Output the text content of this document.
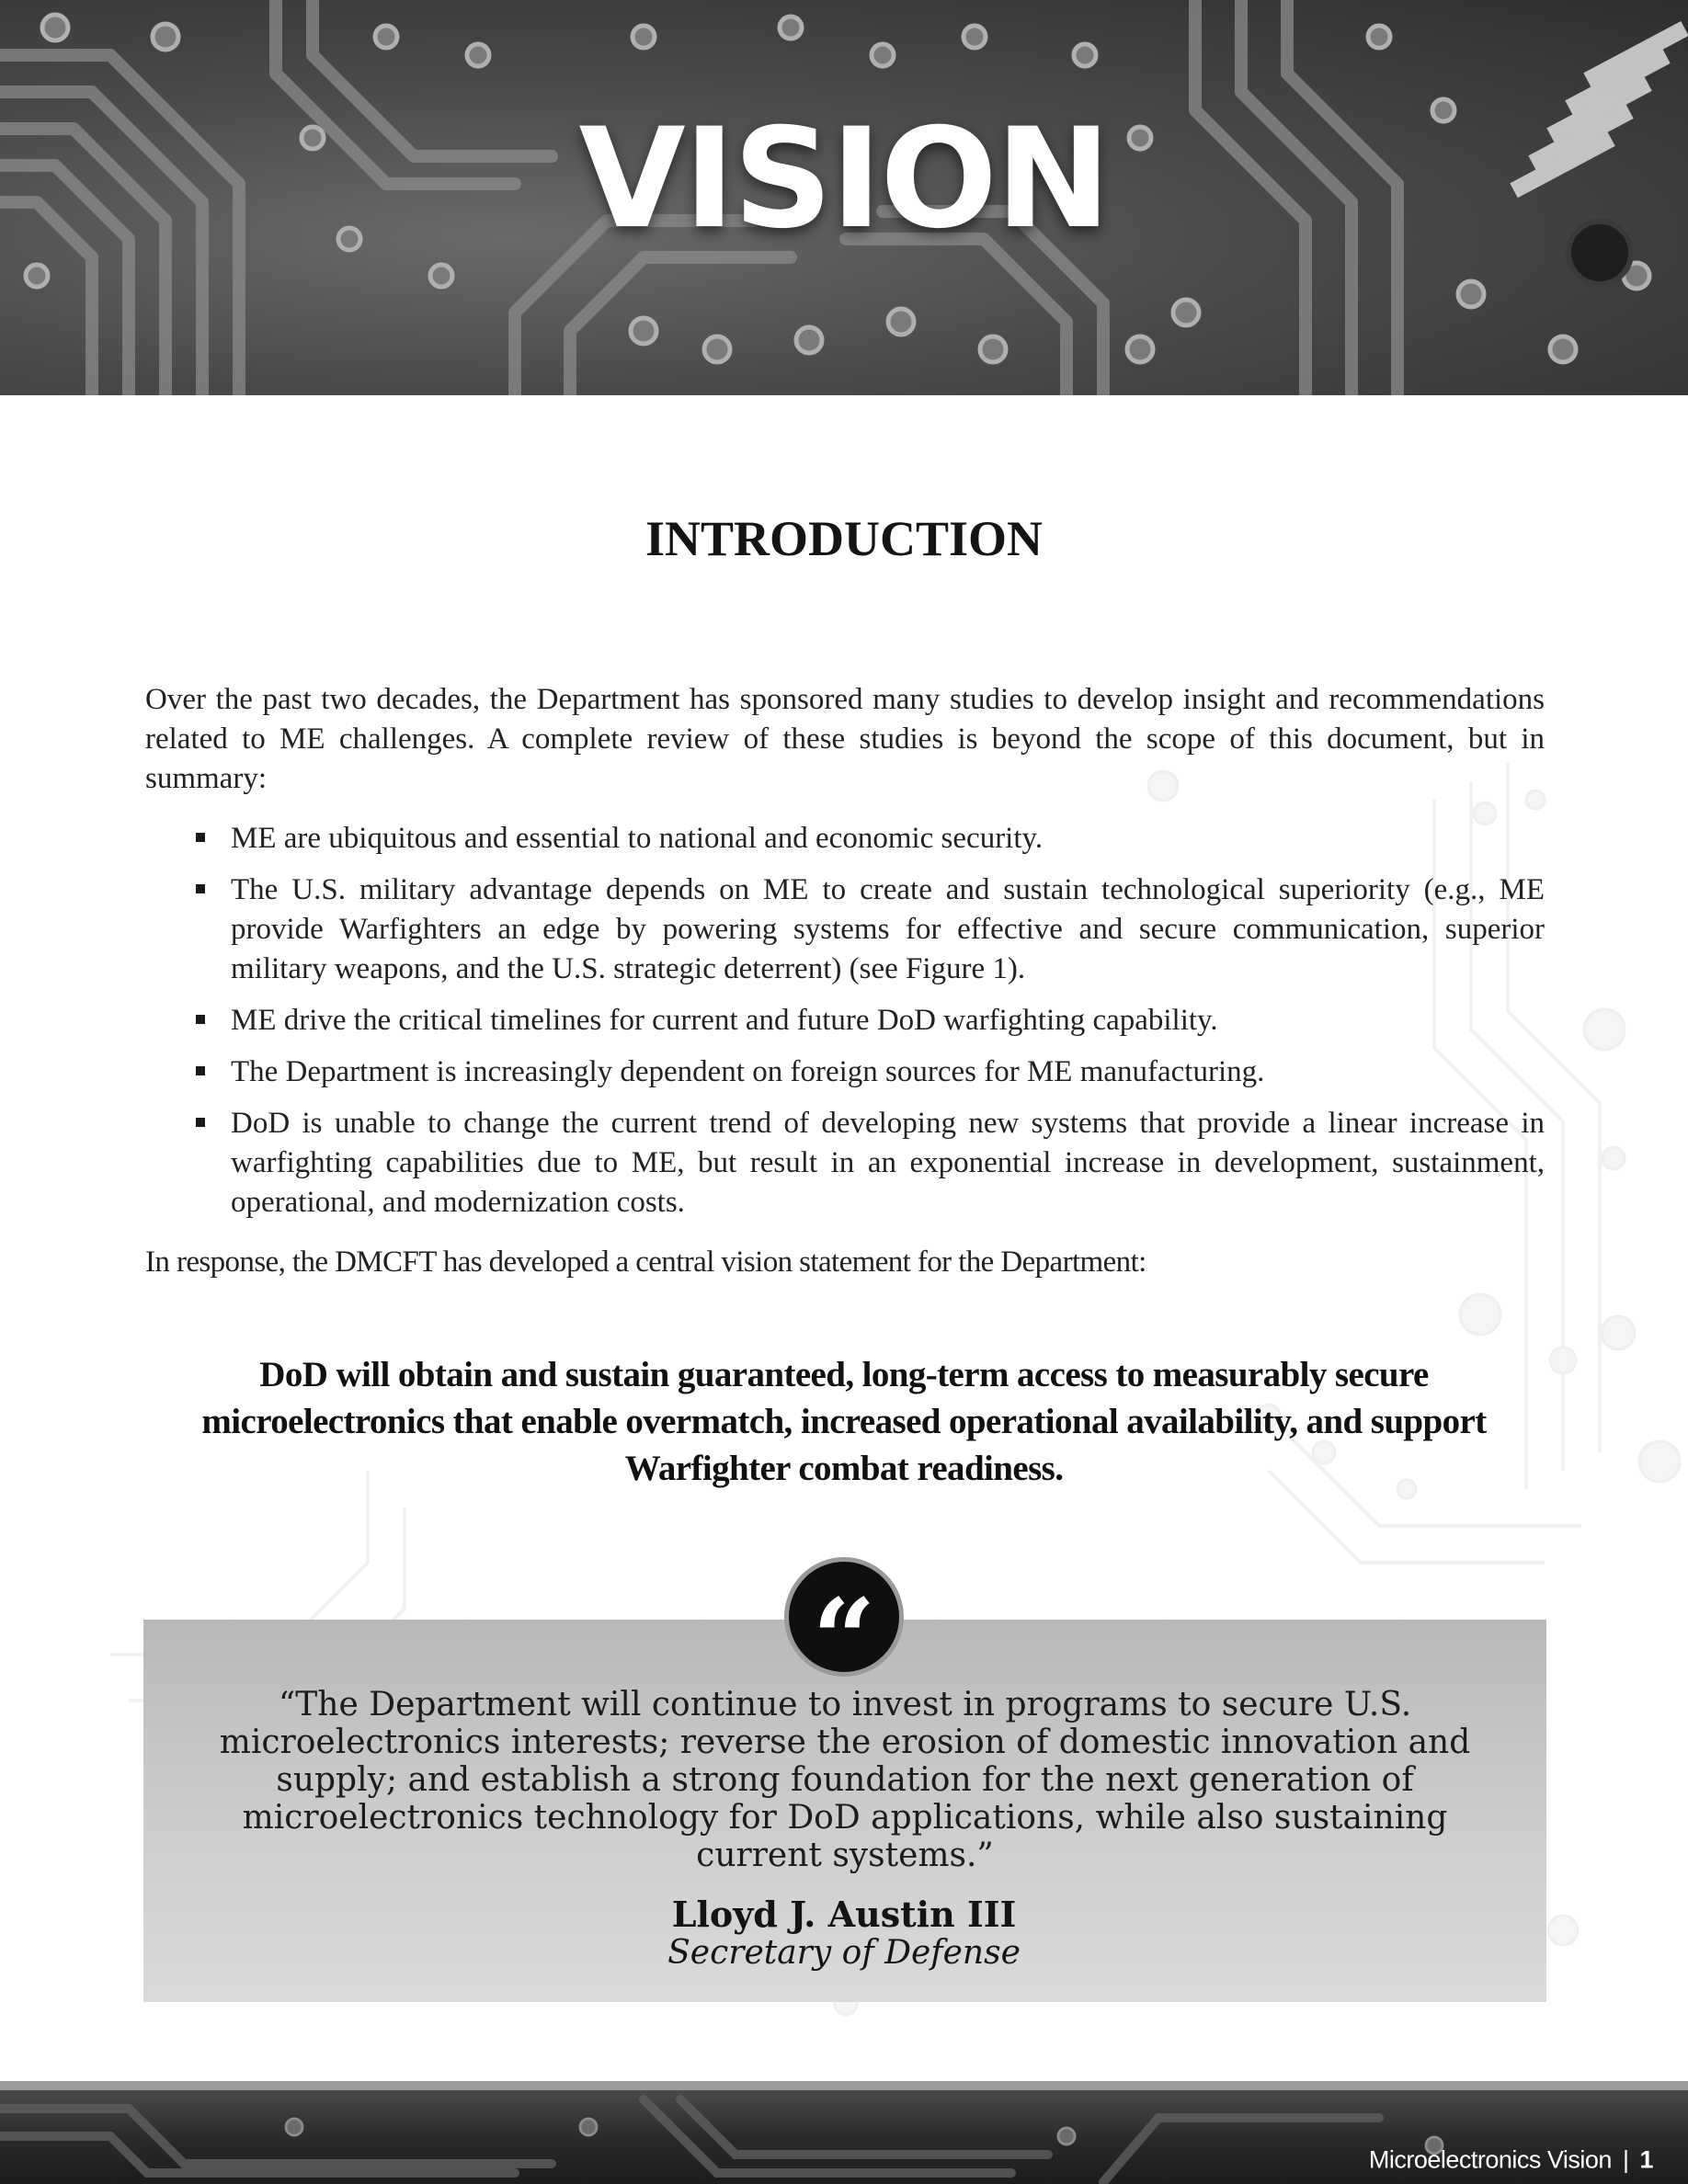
VISION
INTRODUCTION

Over the past two decades, the Department has sponsored many studies to develop insight and recommendations related to ME challenges. A complete review of these studies is beyond the scope of this document, but in summary:

ME are ubiquitous and essential to national and economic security.
The U.S. military advantage depends on ME to create and sustain technological superiority (e.g., ME provide Warfighters an edge by powering systems for effective and secure communication, superior military weapons, and the U.S. strategic deterrent) (see Figure 1).
ME drive the critical timelines for current and future DoD warfighting capability.
The Department is increasingly dependent on foreign sources for ME manufacturing.
DoD is unable to change the current trend of developing new systems that provide a linear increase in warfighting capabilities due to ME, but result in an exponential increase in development, sustainment, operational, and modernization costs.

In response, the DMCFT has developed a central vision statement for the Department:

DoD will obtain and sustain guaranteed, long-term access to measurably secure microelectronics that enable overmatch, increased operational availability, and support Warfighter combat readiness.

“

“The Department will continue to invest in programs to secure U.S. microelectronics interests; reverse the erosion of domestic innovation and supply; and establish a strong foundation for the next generation of microelectronics technology for DoD applications, while also sustaining current systems.”

Lloyd J. Austin III

Secretary of Defense

Microelectronics Vision | 1
